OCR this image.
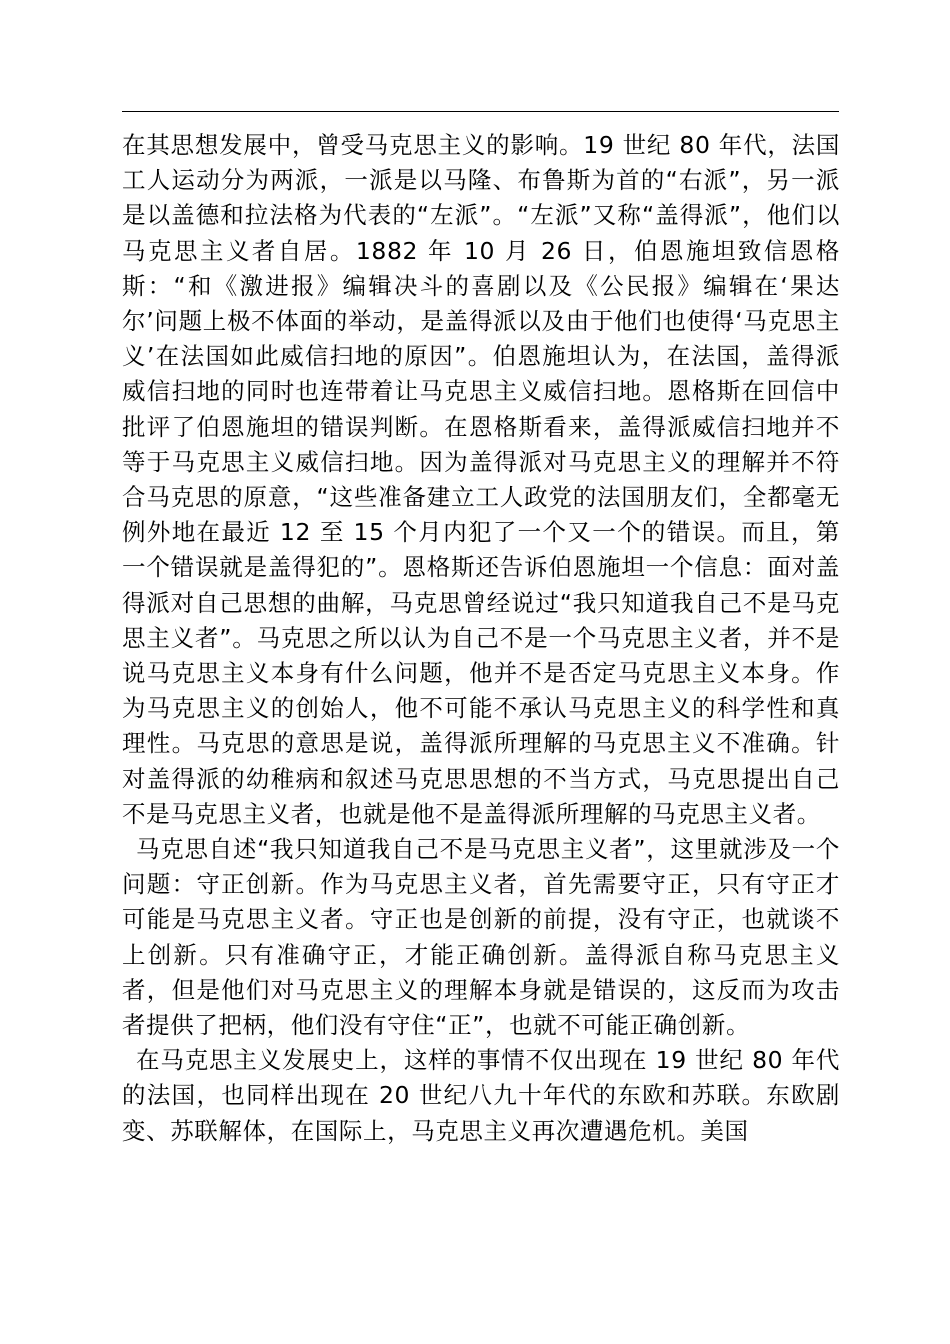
在其思想发展中，曾受马克思主义的影响。19 世纪 80 年代，法国工人运动分为两派，一派是以马隆、布鲁斯为首的“右派”，另一派是以盖德和拉法格为代表的“左派”。“左派”又称“盖得派”，他们以马克思主义者自居。1882 年 10 月 26 日，伯恩施坦致信恩格斯：“和《激进报》编辑决斗的喜剧以及《公民报》编辑在‘果达尔’问题上极不体面的举动，是盖得派以及由于他们也使得‘马克思主义’在法国如此威信扫地的原因”。伯恩施坦认为，在法国，盖得派威信扫地的同时也连带着让马克思主义威信扫地。恩格斯在回信中批评了伯恩施坦的错误判断。在恩格斯看来，盖得派威信扫地并不等于马克思主义威信扫地。因为盖得派对马克思主义的理解并不符合马克思的原意，“这些准备建立工人政党的法国朋友们，全都毫无例外地在最近 12 至 15 个月内犯了一个又一个的错误。而且，第一个错误就是盖得犯的”。恩格斯还告诉伯恩施坦一个信息：面对盖得派对自己思想的曲解，马克思曾经说过“我只知道我自己不是马克思主义者”。马克思之所以认为自己不是一个马克思主义者，并不是说马克思主义本身有什么问题，他并不是否定马克思主义本身。作为马克思主义的创始人，他不可能不承认马克思主义的科学性和真理性。马克思的意思是说，盖得派所理解的马克思主义不准确。针对盖得派的幼稚病和叙述马克思思想的不当方式，马克思提出自己不是马克思主义者，也就是他不是盖得派所理解的马克思主义者。

马克思自述“我只知道我自己不是马克思主义者”，这里就涉及一个问题：守正创新。作为马克思主义者，首先需要守正，只有守正才可能是马克思主义者。守正也是创新的前提，没有守正，也就谈不上创新。只有准确守正，才能正确创新。盖得派自称马克思主义者，但是他们对马克思主义的理解本身就是错误的，这反而为攻击者提供了把柄，他们没有守住“正”，也就不可能正确创新。

在马克思主义发展史上，这样的事情不仅出现在 19 世纪 80 年代的法国，也同样出现在 20 世纪八九十年代的东欧和苏联。东欧剧变、苏联解体，在国际上，马克思主义再次遭遇危机。美国
